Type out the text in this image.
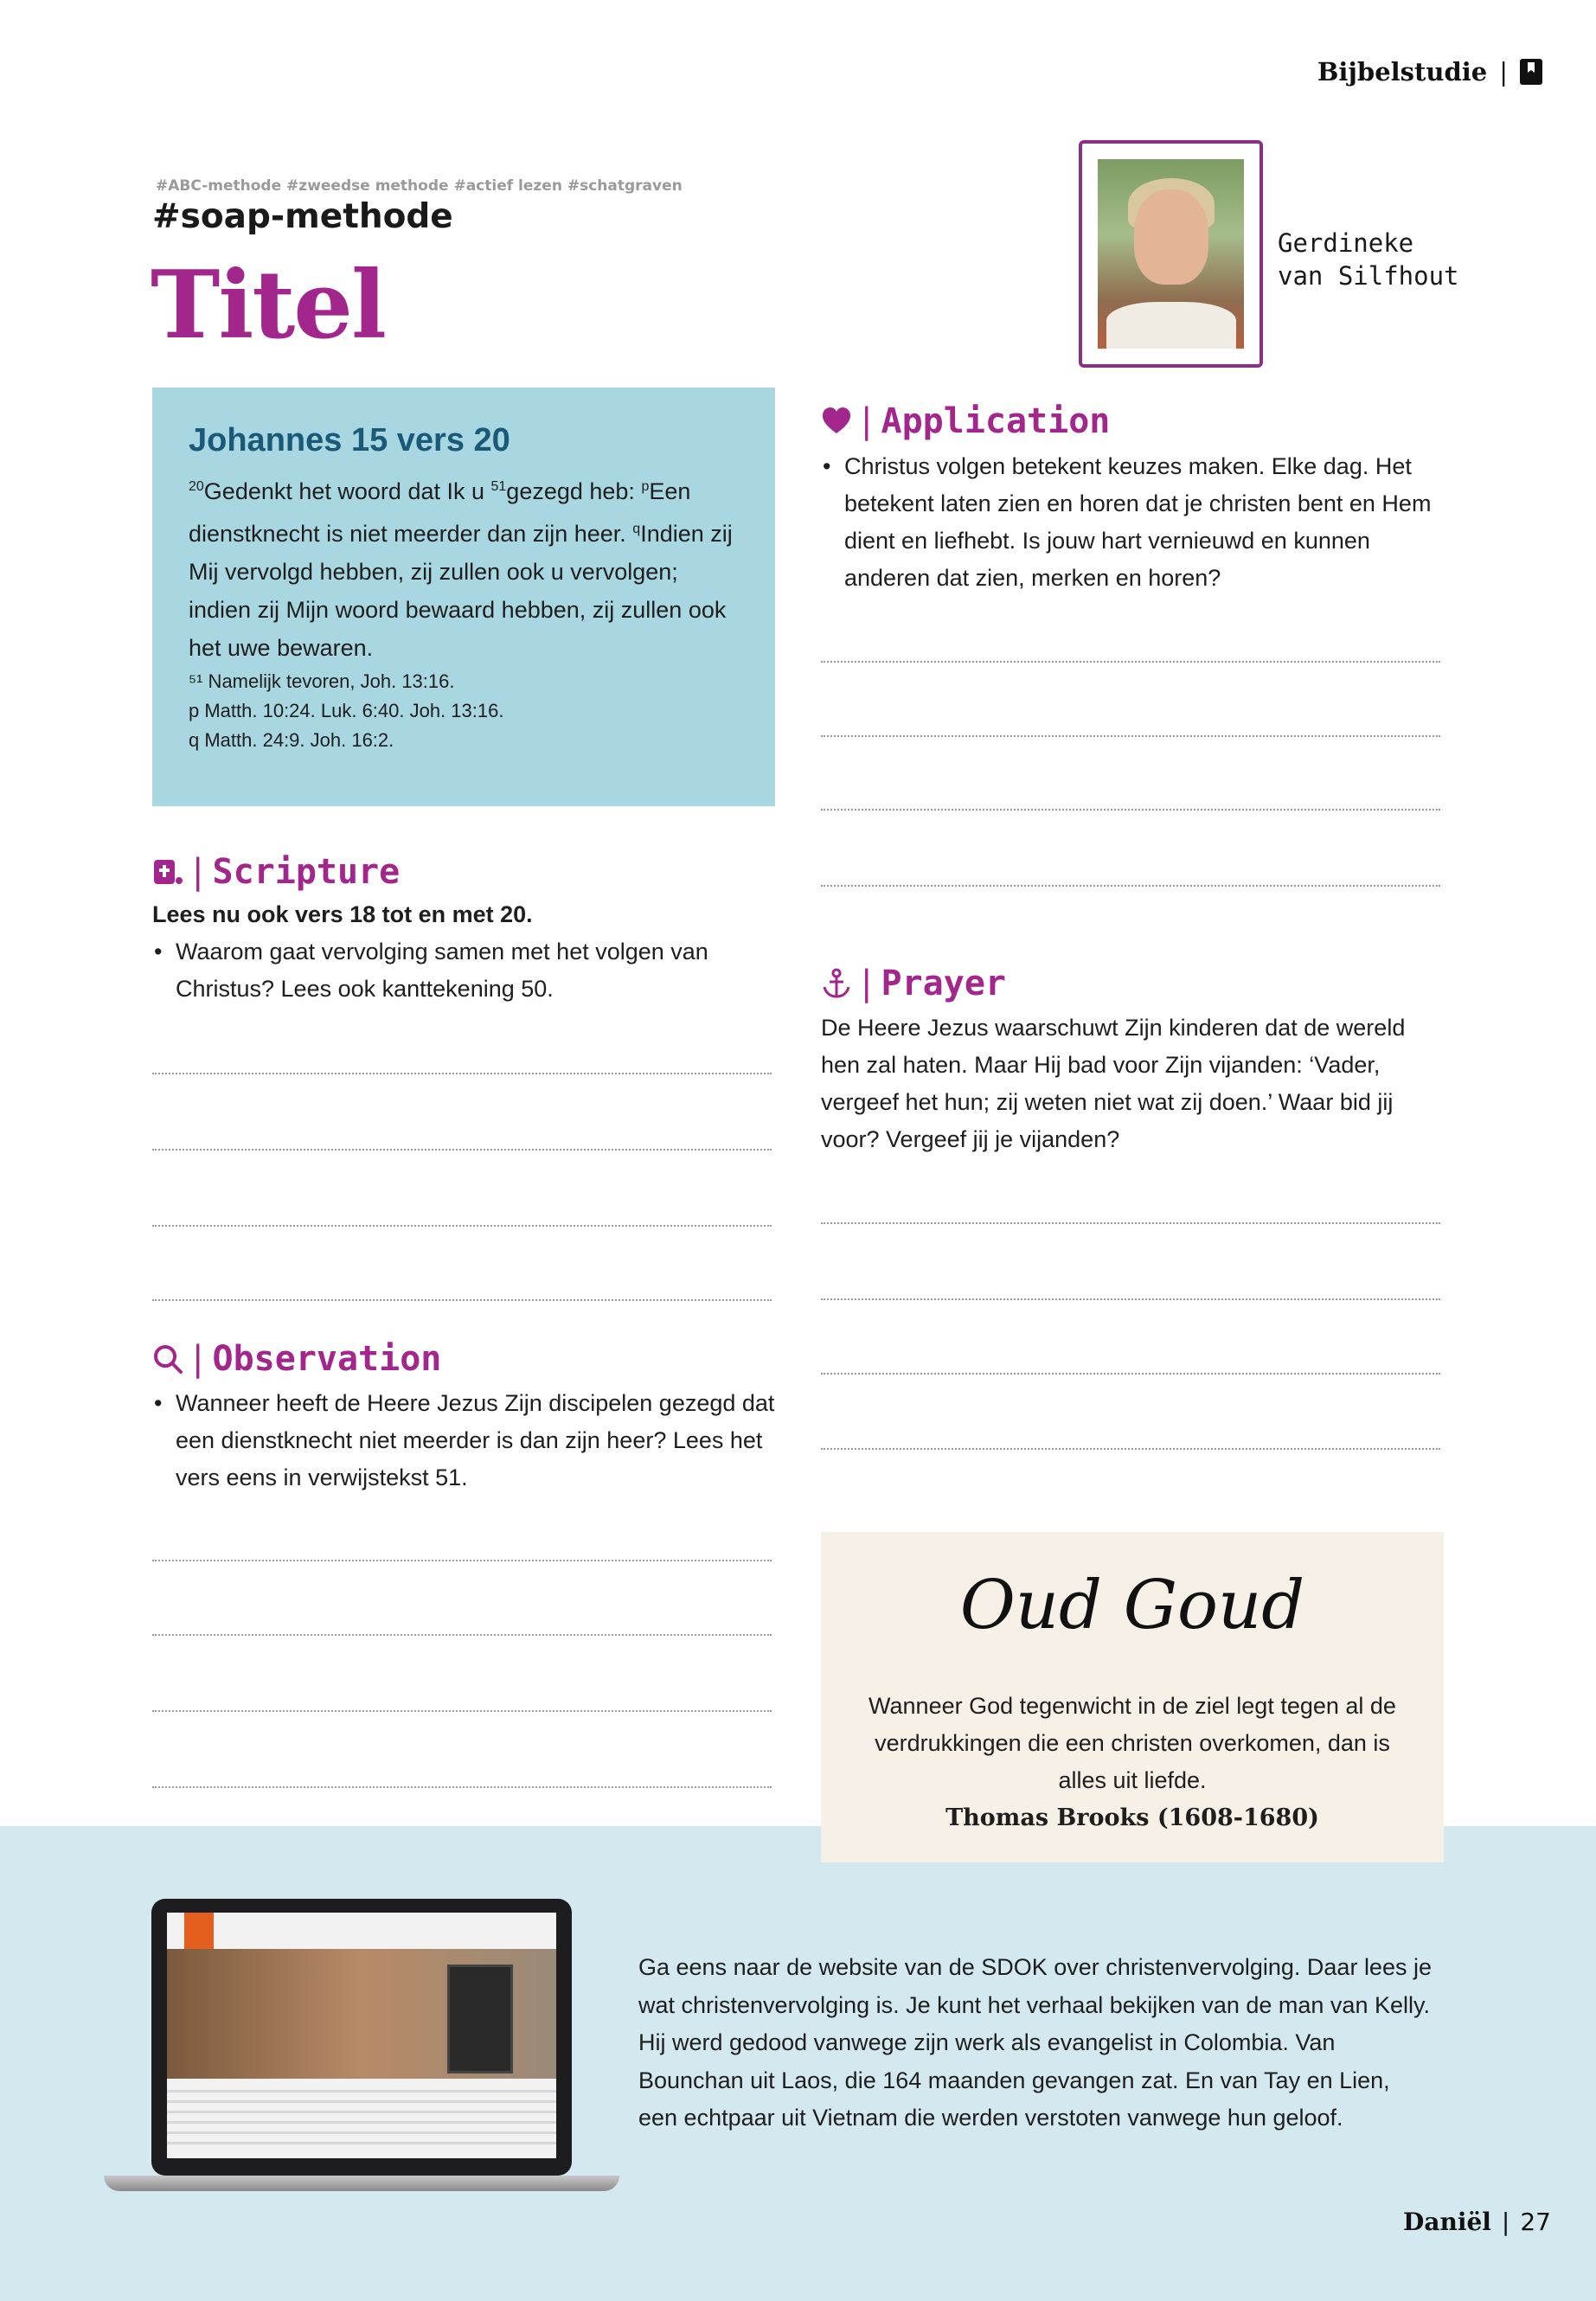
Bijbelstudie |
#ABC-methode #zweedse methode #actief lezen #schatgraven
#soap-methode
Titel
Gerdineke
van Silfhout
Johannes 15 vers 20
$^{20}$Gedenkt het woord dat Ik u $^{51}$gezegd heb: $^p$Een dienstknecht is niet meerder dan zijn heer. $^q$Indien zij Mij vervolgd hebben, zij zullen ook u vervolgen; indien zij Mijn woord bewaard hebben, zij zullen ook het uwe bewaren.
⁵¹ Namelijk tevoren, Joh. 13:16.
p Matth. 10:24. Luk. 6:40. Joh. 13:16.
q Matth. 24:9. Joh. 16:2.
| Scripture
Lees nu ook vers 18 tot en met 20.
• Waarom gaat vervolging samen met het volgen van Christus? Lees ook kanttekening 50.
| Observation
• Wanneer heeft de Heere Jezus Zijn discipelen gezegd dat een dienstknecht niet meerder is dan zijn heer? Lees het vers eens in verwijstekst 51.
| Application
• Christus volgen betekent keuzes maken. Elke dag. Het betekent laten zien en horen dat je christen bent en Hem dient en liefhebt. Is jouw hart vernieuwd en kunnen anderen dat zien, merken en horen?
| Prayer
De Heere Jezus waarschuwt Zijn kinderen dat de wereld hen zal haten. Maar Hij bad voor Zijn vijanden: ‘Vader, vergeef het hun; zij weten niet wat zij doen.’ Waar bid jij voor? Vergeef jij je vijanden?
Oud Goud
Wanneer God tegenwicht in de ziel legt tegen al de verdrukkingen die een christen overkomen, dan is alles uit liefde.
Thomas Brooks (1608-1680)
Ga eens naar de website van de SDOK over christenvervolging. Daar lees je wat christenvervolging is. Je kunt het verhaal bekijken van de man van Kelly. Hij werd gedood vanwege zijn werk als evangelist in Colombia. Van Bounchan uit Laos, die 164 maanden gevangen zat. En van Tay en Lien, een echtpaar uit Vietnam die werden verstoten vanwege hun geloof.
Daniël | 27
